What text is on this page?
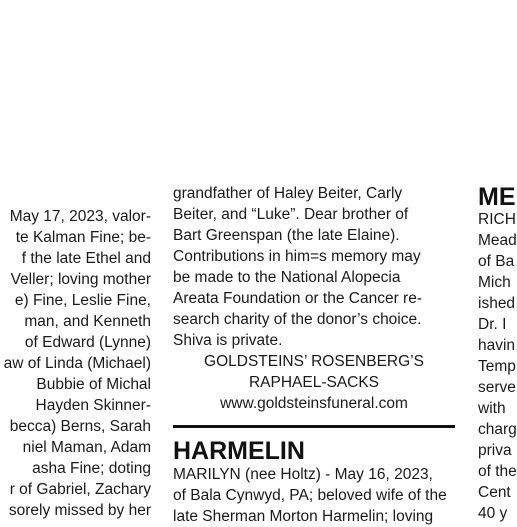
May 17, 2023, valor-
te Kalman Fine; be-
f the late Ethel and
Veller; loving mother
e) Fine, Leslie Fine,
man, and Kenneth
of Edward (Lynne)
aw of Linda (Michael)
Bubbie of Michal
Hayden Skinner-
becca) Berns, Sarah
niel Maman, Adam
asha Fine; doting
r of Gabriel, Zachary
sorely missed by her
grandfather of Haley Beiter, Carly
Beiter, and “Luke”. Dear brother of
Bart Greenspan (the late Elaine).
Contributions in him=s memory may
be made to the National Alopecia
Areata Foundation or the Cancer re-
search charity of the donor’s choice.
Shiva is private.
GOLDSTEINS’ ROSENBERG’S
RAPHAEL-SACKS
www.goldsteinsfuneral.com
HARMELIN
MARILYN (nee Holtz) - May 16, 2023,
of Bala Cynwyd, PA; beloved wife of the
late Sherman Morton Harmelin; loving
ME
RICH
Mead
of Ba
Mich
ished
Dr. I
havin
Temp
serve
with
charg
priva
of the
Cent
40 y
